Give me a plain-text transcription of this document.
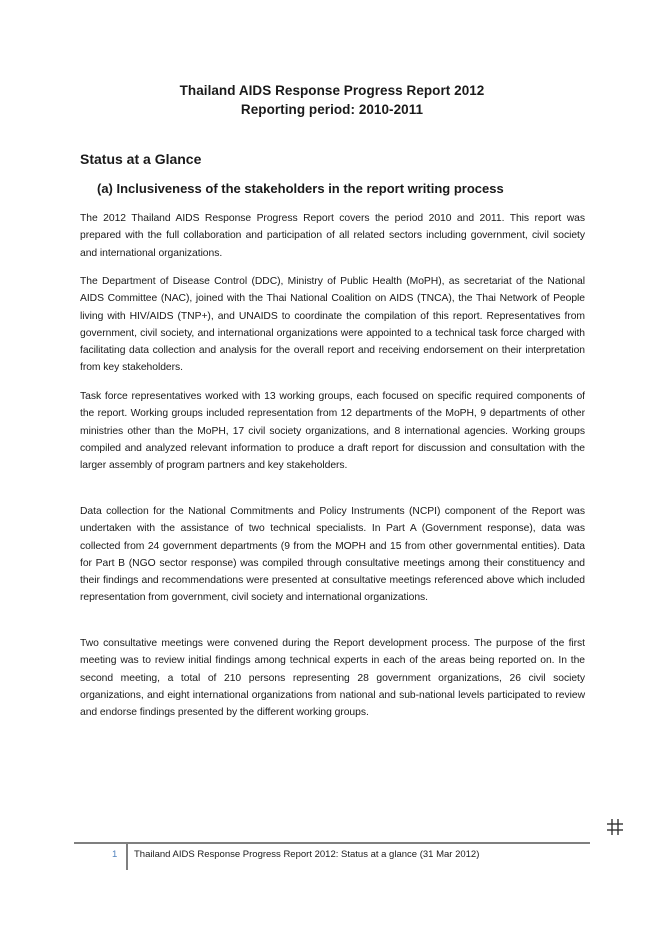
Thailand AIDS Response Progress Report 2012
Reporting period: 2010-2011
Status at a Glance
(a) Inclusiveness of the stakeholders in the report writing process

The 2012 Thailand AIDS Response Progress Report covers the period 2010 and 2011. This report was prepared with the full collaboration and participation of all related sectors including government, civil society and international organizations.

The Department of Disease Control (DDC), Ministry of Public Health (MoPH), as secretariat of the National AIDS Committee (NAC), joined with the Thai National Coalition on AIDS (TNCA), the Thai Network of People living with HIV/AIDS (TNP+), and UNAIDS to coordinate the compilation of this report. Representatives from government, civil society, and international organizations were appointed to a technical task force charged with facilitating data collection and analysis for the overall report and receiving endorsement on their interpretation from key stakeholders.

Task force representatives worked with 13 working groups, each focused on specific required components of the report. Working groups included representation from 12 departments of the MoPH, 9 departments of other ministries other than the MoPH, 17 civil society organizations, and 8 international agencies. Working groups compiled and analyzed relevant information to produce a draft report for discussion and consultation with the larger assembly of program partners and key stakeholders.

Data collection for the National Commitments and Policy Instruments (NCPI) component of the Report was undertaken with the assistance of two technical specialists. In Part A (Government response), data was collected from 24 government departments (9 from the MOPH and 15 from other governmental entities). Data for Part B (NGO sector response) was compiled through consultative meetings among their constituency and their findings and recommendations were presented at consultative meetings referenced above which included representation from government, civil society and international organizations.

Two consultative meetings were convened during the Report development process. The purpose of the first meeting was to review initial findings among technical experts in each of the areas being reported on. In the second meeting, a total of 210 persons representing 28 government organizations, 26 civil society organizations, and eight international organizations from national and sub-national levels participated to review and endorse findings presented by the different working groups.

1 Thailand AIDS Response Progress Report 2012: Status at a glance (31 Mar 2012)
